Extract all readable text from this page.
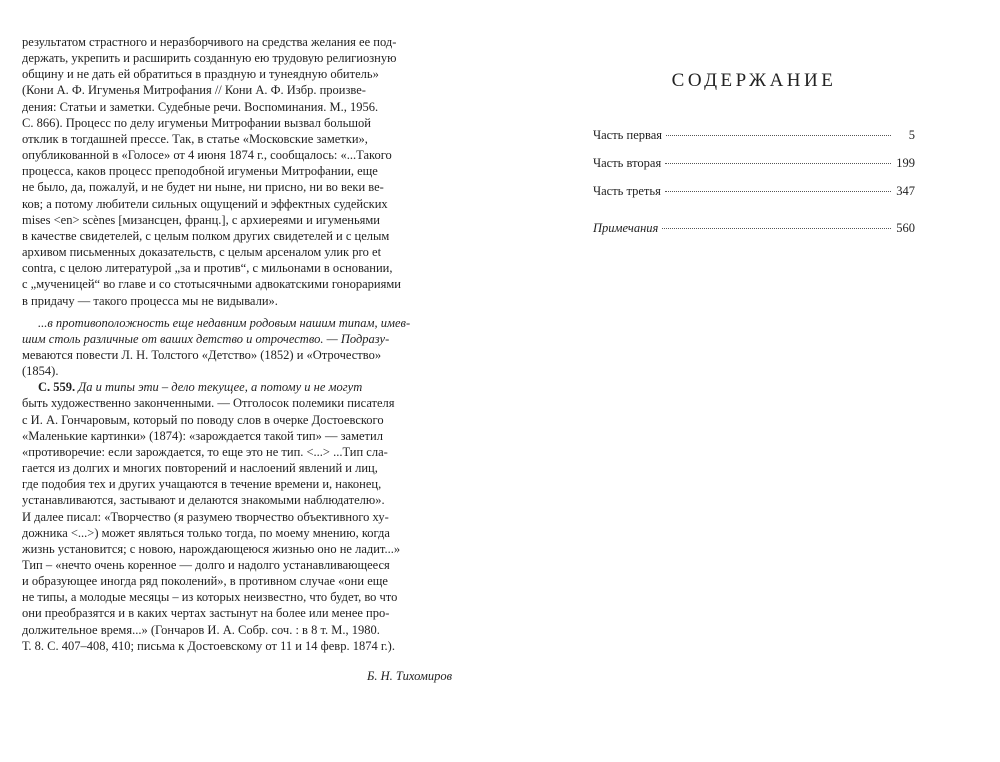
результатом страстного и неразборчивого на средства желания ее под-

держать, укрепить и расширить созданную ею трудовую религиозную

общину и не дать ей обратиться в праздную и тунеядную обитель»

(Кони А. Ф. Игуменья Митрофания // Кони А. Ф. Избр. произве-

дения: Статьи и заметки. Судебные речи. Воспоминания. М., 1956.

С. 866). Процесс по делу игуменьи Митрофании вызвал большой

отклик в тогдашней прессе. Так, в статье «Московские заметки»,

опубликованной в «Голосе» от 4 июня 1874 г., сообщалось: «...Такого

процесса, каков процесс преподобной игуменьи Митрофании, еще

не было, да, пожалуй, и не будет ни ныне, ни присно, ни во веки ве-

ков; а потому любители сильных ощущений и эффектных судейских

mises <en> scènes [мизансцен, франц.], с архиереями и игуменьями

в качестве свидетелей, с целым полком других свидетелей и с целым

архивом письменных доказательств, с целым арсеналом улик pro et

contra, с целою литературой „за и против“, с мильонами в основании,

с „мученицей“ во главе и со стотысячными адвокатскими гонорариями

в придачу — такого процесса мы не видывали».

...в противоположность еще недавним родовым нашим типам, имев-

шим столь различные от ваших детство и отрочество. — Подразу-

меваются повести Л. Н. Толстого «Детство» (1852) и «Отрочество»

(1854).

С. 559. Да и типы эти – дело текущее, а потому и не могут

быть художественно законченными. — Отголосок полемики писателя

с И. А. Гончаровым, который по поводу слов в очерке Достоевского

«Маленькие картинки» (1874): «зарождается такой тип» — заметил

«противоречие: если зарождается, то еще это не тип. <...> ...Тип сла-

гается из долгих и многих повторений и наслоений явлений и лиц,

где подобия тех и других учащаются в течение времени и, наконец,

устанавливаются, застывают и делаются знакомыми наблюдателю».

И далее писал: «Творчество (я разумею творчество объективного ху-

дожника <...>) может являться только тогда, по моему мнению, когда

жизнь установится; с новою, нарождающеюся жизнью оно не ладит...»

Тип – «нечто очень коренное — долго и надолго устанавливающееся

и образующее иногда ряд поколений», в противном случае «они еще

не типы, а молодые месяцы – из которых неизвестно, что будет, во что

они преобразятся и в каких чертах застынут на более или менее про-

должительное время...» (Гончаров И. А. Собр. соч. : в 8 т. М., 1980.

Т. 8. С. 407–408, 410; письма к Достоевскому от 11 и 14 февр. 1874 г.).

Б. Н. Тихомиров

СОДЕРЖАНИЕ
Часть первая	5
Часть вторая	199
Часть третья	347
Примечания	560
